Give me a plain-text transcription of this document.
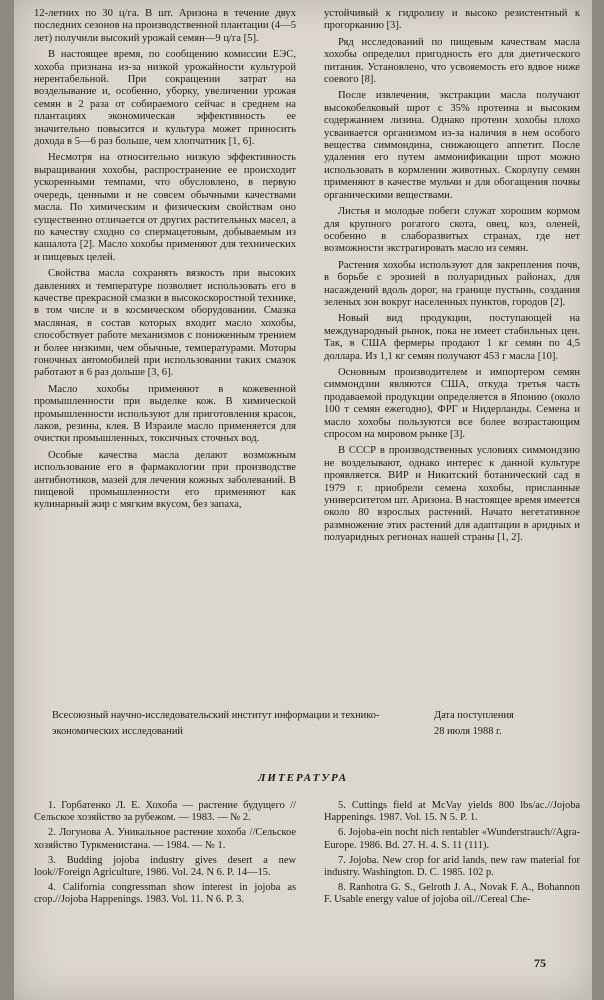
12-летних по 30 ц/га. В шт. Аризона в течение двух последних сезонов на производственной плантации (4—5 лет) получили высокий урожай семян—9 ц/га [5].

В настоящее время, по сообщению комиссии ЕЭС, хохоба признана из-за низкой урожайности культурой нерентабельной. При сокращении затрат на возделывание и, особенно, уборку, увеличении урожая семян в 2 раза от собираемого сейчас в среднем на плантациях экономическая эффективность ее значительно повысится и культура может приносить дохода в 5—6 раз больше, чем хлопчатник [1, 6].

Несмотря на относительно низкую эффективность выращивания хохобы, распространение ее происходит ускоренными темпами, что обусловлено, в первую очередь, ценными и не совсем обычными качествами масла. По химическим и физическим свойствам оно существенно отличается от других растительных масел, а по качеству сходно со спермацетовым, добываемым из кашалота [2]. Масло хохобы применяют для технических и пищевых целей.

Свойства масла сохранять вязкость при высоких давлениях и температуре позволяет использовать его в качестве прекрасной смазки в высокоскоростной технике, в том числе и в космическом оборудовании. Смазка масляная, в состав которых входит масло хохобы, способствует работе механизмов с пониженным трением и более низкими, чем обычные, температурами. Моторы гоночных автомобилей при использовании таких смазок работают в 6 раз дольше [3, 6].

Масло хохобы применяют в кожевенной промышленности при выделке кож. В химической промышленности используют для приготовления красок, лаков, резины, клея. В Израиле масло применяется для очистки промышленных, токсичных сточных вод.

Особые качества масла делают возможным использование его в фармакологии при производстве антибиотиков, мазей для лечения кожных заболеваний. В пищевой промышленности его применяют как кулинарный жир с мягким вкусом, без запаха,

устойчивый к гидролизу и высоко резистентный к прогорканию [3].

Ряд исследований по пищевым качествам масла хохобы определил пригодность его для диетического питания. Установлено, что усвояемость его вдвое ниже соевого [8].

После извлечения, экстракции масла получают высокобелковый шрот с 35% протеина и высоким содержанием лизина. Однако протеин хохобы плохо усваивается организмом из-за наличия в нем особого вещества симмондина, снижающего аппетит. После удаления его путем аммонификации шрот можно использовать в кормлении животных. Скорлупу семян применяют в качестве мульчи и для обогащения почвы органическими веществами.

Листья и молодые побеги служат хорошим кормом для крупного рогатого скота, овец, коз, оленей, особенно в слаборазвитых странах, где нет возможности экстрагировать масло из семян.

Растения хохобы используют для закрепления почв, в борьбе с эрозией в полуаридных районах, для насаждений вдоль дорог, на границе пустынь, создания зеленых зон вокруг населенных пунктов, городов [2].

Новый вид продукции, поступающей на международный рынок, пока не имеет стабильных цен. Так, в США фермеры продают 1 кг семян по 4,5 доллара. Из 1,1 кг семян получают 453 г масла [10].

Основным производителем и импортером семян симмондзии являются США, откуда третья часть продаваемой продукции определяется в Японию (около 100 т семян ежегодно), ФРГ и Нидерланды. Семена и масло хохобы пользуются все более возрастающим спросом на мировом рынке [3].

В СССР в производственных условиях симмондзию не возделывают, однако интерес к данной культуре проявляется. ВИР и Никитский ботанический сад в 1979 г. приобрели семена хохобы, присланные университетом шт. Аризона. В настоящее время имеется около 80 взрослых растений. Начато вегетативное размножение этих растений для адаптации в аридных и полуаридных регионах нашей страны [1, 2].

Всесоюзный научно-исследовательский институт информации и технико-экономических исследований
Дата поступления
28 июля 1988 г.
ЛИТЕРАТУРА

1. Горбатенко Л. Е. Хохоба — растение будущего //Сельское хозяйство за рубежом. — 1983. — № 2.

2. Логунова А. Уникальное растение хохоба //Сельское хозяйство Туркменистана. — 1984. — № 1.

3. Budding jojoba industry gives desert a new look//Foreign Agriculture, 1986. Vol. 24. N 6. P. 14—15.

4. California congressman show interest in jojoba as crop.//Jojoba Happenings. 1983. Vol. 11. N 6. P. 3.

5. Cuttings field at McVay yields 800 lbs/ac.//Jojoba Happenings. 1987. Vol. 15. N 5. P. 1.

6. Jojoba-ein nocht nich rentabler «Wunderstrauch//Agra-Europe. 1986. Bd. 27. H. 4. S. 11 (111).

7. Jojoba. New crop for arid lands, new raw material for industry. Washington. D. C. 1985. 102 p.

8. Ranhotra G. S., Gelroth J. A., Novak F. A., Bohannon F. Usable energy value of jojoba oil.//Cereal Che-

75
